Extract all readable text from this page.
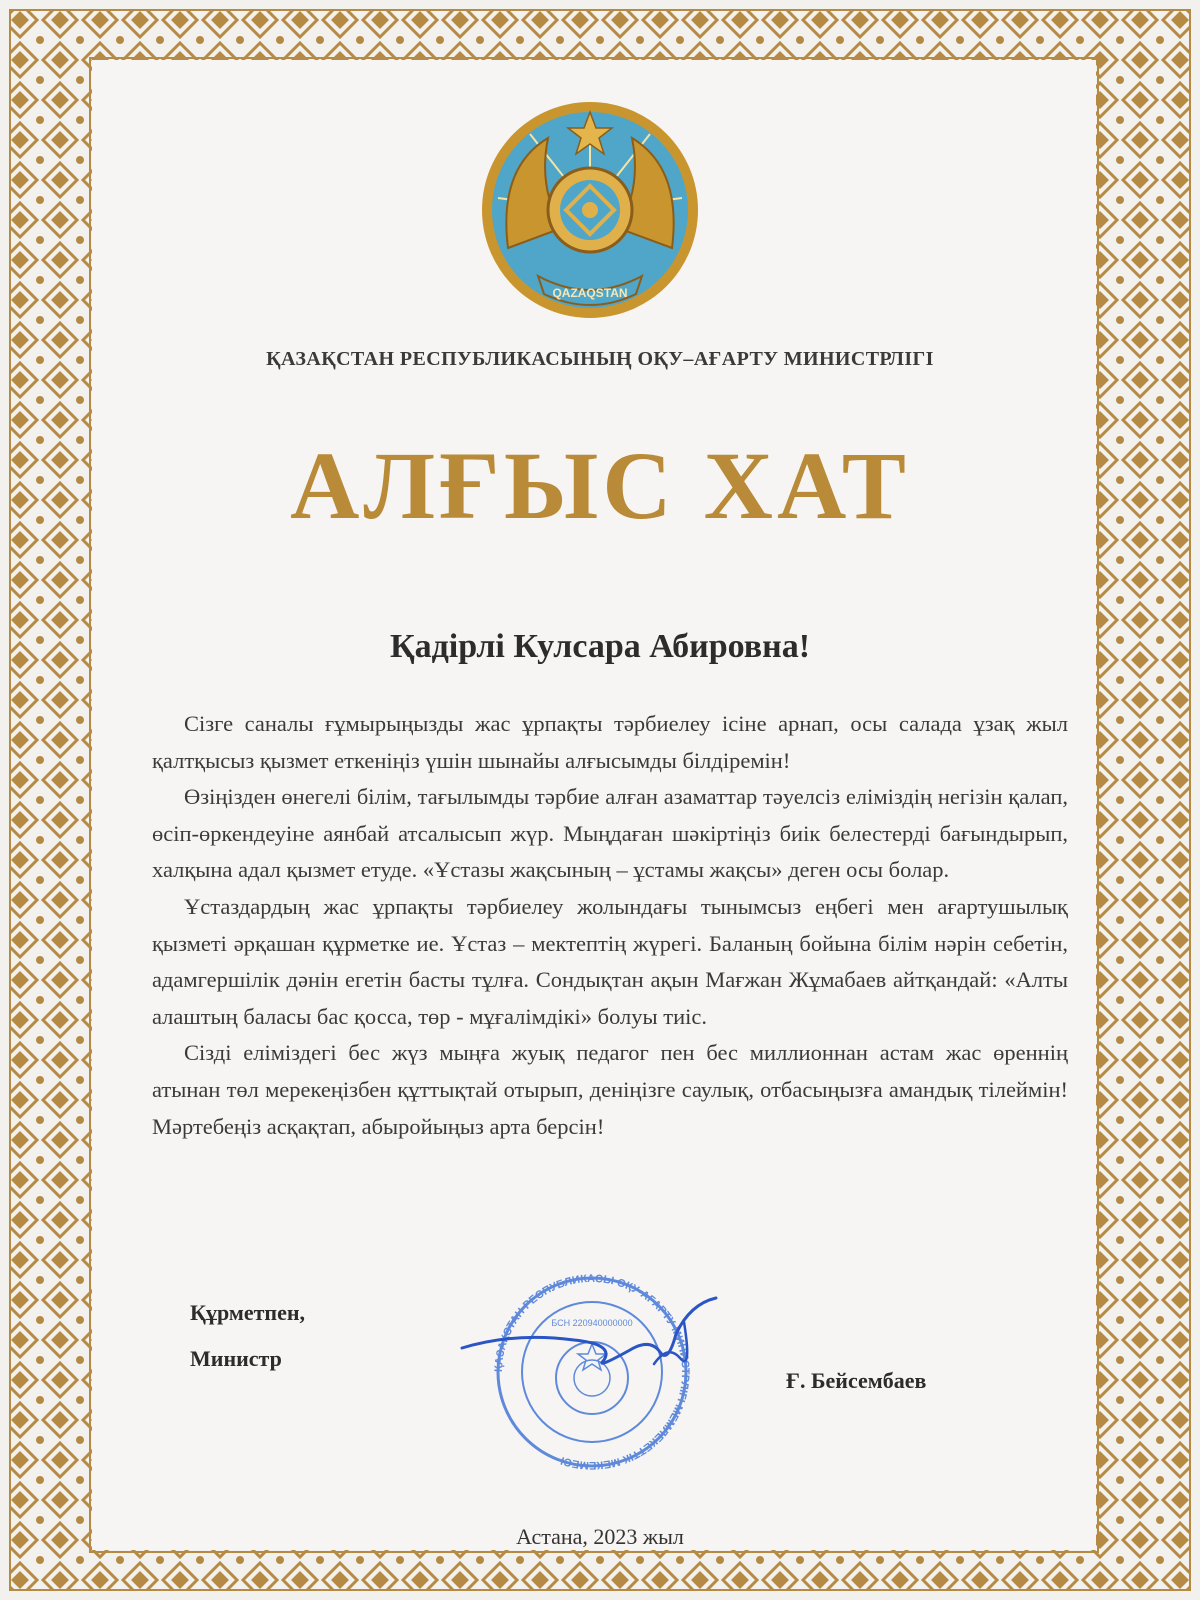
QAZAQSTAN
ҚАЗАҚСТАН РЕСПУБЛИКАСЫНЫҢ ОҚУ–АҒАРТУ МИНИСТРЛІГІ
АЛҒЫС ХАТ
Қадірлі Кулсара Абировна!

Сізге саналы ғұмырыңызды жас ұрпақты тәрбиелеу ісіне арнап, осы салада ұзақ жыл қалтқысыз қызмет еткеніңіз үшін шынайы алғысымды білдіремін!

Өзіңізден өнегелі білім, тағылымды тәрбие алған азаматтар тәуелсіз еліміздің негізін қалап, өсіп-өркендеуіне аянбай атсалысып жүр. Мыңдаған шәкіртіңіз биік белестерді бағындырып, халқына адал қызмет етуде. «Ұстазы жақсының – ұстамы жақсы» деген осы болар.

Ұстаздардың жас ұрпақты тәрбиелеу жолындағы тынымсыз еңбегі мен ағартушылық қызметі әрқашан құрметке ие. Ұстаз – мектептің жүрегі. Баланың бойына білім нәрін себетін, адамгершілік дәнін егетін басты тұлға. Сондықтан ақын Мағжан Жұмабаев айтқандай: «Алты алаштың баласы бас қосса, төр - мұғалімдікі» болуы тиіс.

Сізді еліміздегі бес жүз мыңға жуық педагог пен бес миллионнан астам жас өреннің атынан төл мерекеңізбен құттықтай отырып, деніңізге саулық, отбасыңызға амандық тілеймін! Мәртебеңіз асқақтап, абыройыңыз арта берсін!

Құрметпен,
Министр	ҚАЗАҚСТАН РЕСПУБЛИКАСЫ ОҚУ-АҒАРТУ МИНИСТРЛІГІ МЕМЛЕКЕТТІК МЕКЕМЕСІ
БСН 220940000000
Ғ. Бейсембаев
Астана, 2023 жыл
